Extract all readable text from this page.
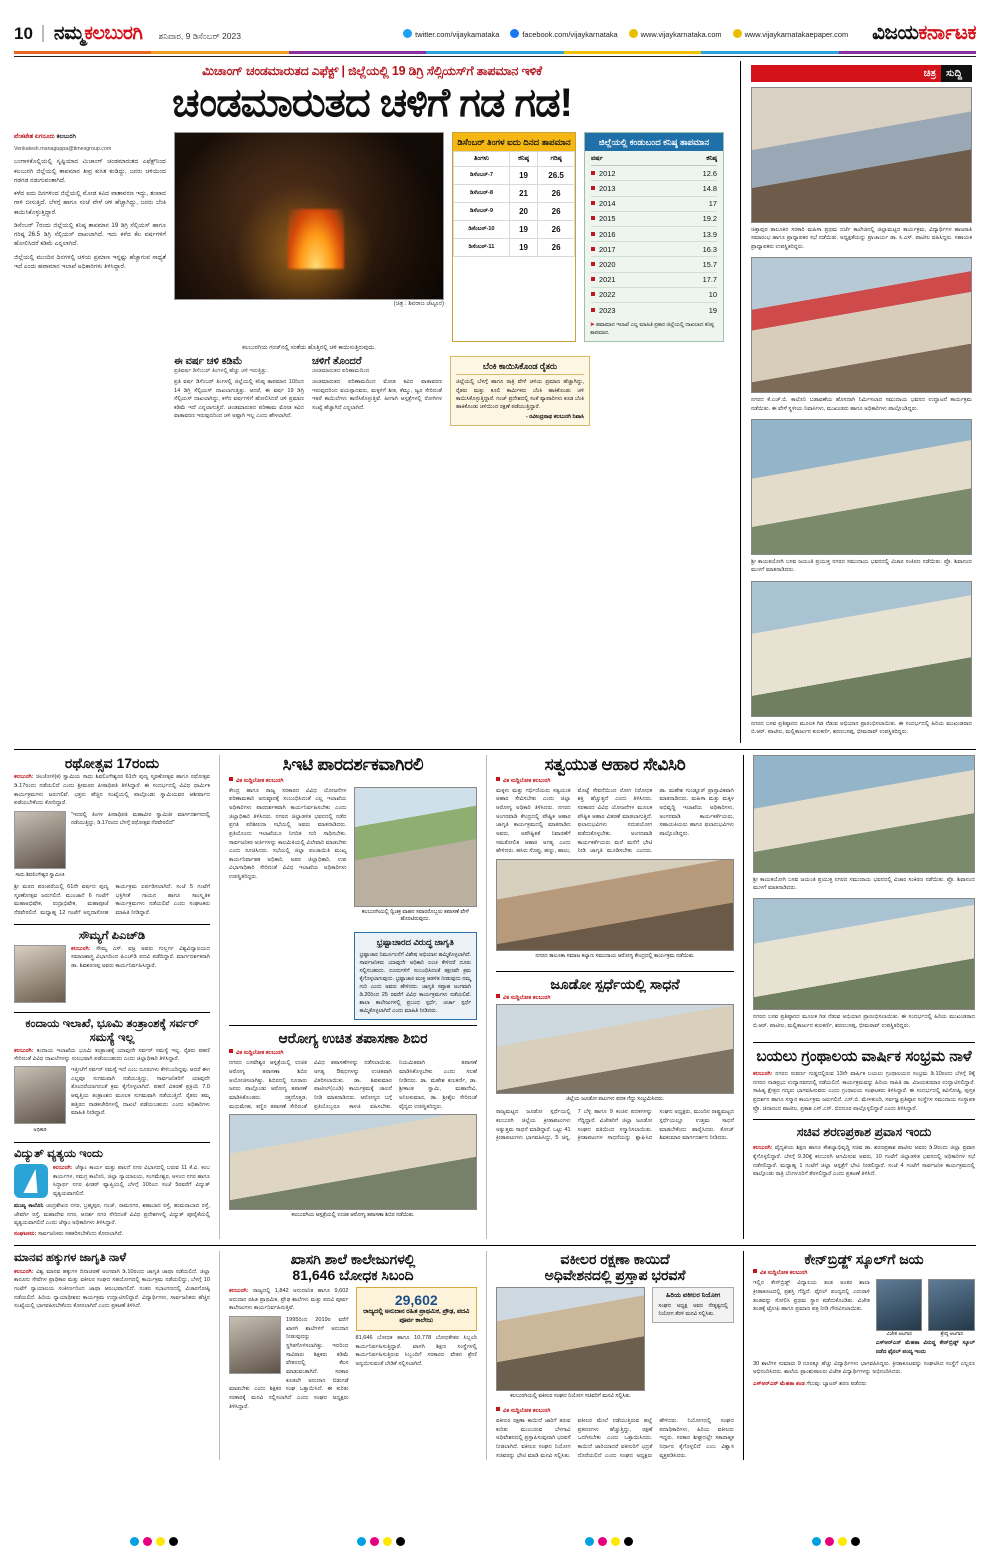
10	ನಮ್ಮಕಲಬುರಗಿ ಶನಿವಾರ, 9 ಡಿಸೆಂಬರ್ 2023	twitter.com/vijaykamataka	facebook.com/vijaykarnataka	www.vijaykarnataka.com	www.vijaykarnatakaepaper.com ವಿಜಯಕರ್ನಾಟಕ
ಮಿಚಾಂಗ್ ಚಂಡಮಾರುತದ ಎಫೆಕ್ಟ್ | ಜಿಲ್ಲೆಯಲ್ಲಿ 19 ಡಿಗ್ರಿ ಸೆಲ್ಸಿಯಸ್‌ಗೆ ತಾಪಮಾನ ಇಳಿಕೆ
ಚಂಡಮಾರುತದ ಚಳಿಗೆ ಗಡ ಗಡ!

ವೆಂಕಟೇಶ ಏಗನೂರು ಕಲಬುರಗಿ

Venkatesh.managuppa@timesgroup.com

ಬಂಗಾಳಕೊಲ್ಲಿಯಲ್ಲಿ ಸೃಷ್ಟಿಯಾದ ಮಿಚಾಂಗ್ ಚಂಡಮಾರುತದ ಎಫೆಕ್ಟ್‌ನಿಂದ ಕಲಬುರಗಿ ಜಿಲ್ಲೆಯಲ್ಲಿ ತಾಪಮಾನ ತೀವ್ರ ಕುಸಿತ ಕಂಡಿದ್ದು, ಜನರು ಚಳಿಯಿಂದ ಗಡಗಡ ನಡುಗುವಂತಾಗಿದೆ.

ಕಳೆದ ಐದು ದಿನಗಳಿಂದ ಜಿಲ್ಲೆಯಲ್ಲಿ ಮೋಡ ಕವಿದ ವಾತಾವರಣ ಇದ್ದು, ತಂಪಾದ ಗಾಳಿ ಬೀಸುತ್ತಿದೆ. ಬೆಳಗ್ಗೆ ಹಾಗೂ ಸಂಜೆ ವೇಳೆ ಚಳಿ ಹೆಚ್ಚಾಗಿದ್ದು, ಜನರು ಬೆಂಕಿ ಕಾಯಿಸಿಕೊಳ್ಳುತ್ತಿದ್ದಾರೆ.

ಡಿಸೆಂಬರ್ 7ರಂದು ಜಿಲ್ಲೆಯಲ್ಲಿ ಕನಿಷ್ಠ ತಾಪಮಾನ 19 ಡಿಗ್ರಿ ಸೆಲ್ಸಿಯಸ್ ಹಾಗೂ ಗರಿಷ್ಠ 26.5 ಡಿಗ್ರಿ ಸೆಲ್ಸಿಯಸ್ ದಾಖಲಾಗಿದೆ. ಇದು ಕಳೆದ ಕೆಲ ವರ್ಷಗಳಿಗೆ ಹೋಲಿಸಿದರೆ ಕಡಿಮೆ ಎನ್ನಲಾಗಿದೆ.

ಜಿಲ್ಲೆಯಲ್ಲಿ ಮುಂದಿನ ದಿನಗಳಲ್ಲಿ ಚಳಿಯ ಪ್ರಮಾಣ ಇನ್ನಷ್ಟು ಹೆಚ್ಚಾಗುವ ಸಾಧ್ಯತೆ ಇದೆ ಎಂದು ಹವಾಮಾನ ಇಲಾಖೆ ಅಧಿಕಾರಿಗಳು ತಿಳಿಸಿದ್ದಾರೆ.

(ಚಿತ್ರ : ಶಿವರಾಜ ಜೆಟ್ಟೂರ)
ಡಿಸೆಂಬರ್ ತಿಂಗಳ ಐದು ದಿನದ ತಾಪಮಾನ
ತಿಂಗಳು	ಕನಿಷ್ಠ	ಗರಿಷ್ಠ
ಡಿಸೆಂಬರ್-7	19	26.5
ಡಿಸೆಂಬರ್-8	21	26
ಡಿಸೆಂಬರ್-9	20	26
ಡಿಸೆಂಬರ್-10	19	26
ಡಿಸೆಂಬರ್-11	19	26
ಜಿಲ್ಲೆಯಲ್ಲಿ ಕಂಡುಬಂದ ಕನಿಷ್ಠ ತಾಪಮಾನ
ವರ್ಷ	ಕನಿಷ್ಠ
2012	12.6
2013	14.8
2014	17
2015	19.2
2016	13.9
2017	16.3
2020	15.7
2021	17.7
2022	10
2023	19
➤ ಹವಾಮಾನ ಇಲಾಖೆ ಎಲ್ಲ ಮಾಹಿತಿ ಪ್ರಕಾರ ಜಿಲ್ಲೆಯಲ್ಲಿ ದಾಖಲಾದ ಕನಿಷ್ಠ ತಾಪಮಾನ.
ಕಲಬುರಗಿಯ ಗಂಜ್‌ನಲ್ಲಿ ಸಂತೆಯ ಹೊತ್ತಿನಲ್ಲಿ ಚಳಿ ಕಾಯಿಸುತ್ತಿರುವುದು.
ಈ ವರ್ಷ ಚಳಿ ಕಡಿಮೆ
ಪ್ರತಿವರ್ಷ ಡಿಸೆಂಬರ್ ತಿಂಗಳಲ್ಲಿ ಹೆಚ್ಚು ಚಳಿ ಇರುತ್ತಿತ್ತು.
ಪ್ರತಿ ವರ್ಷ ಡಿಸೆಂಬರ್ ತಿಂಗಳಲ್ಲಿ ಜಿಲ್ಲೆಯಲ್ಲಿ ಕನಿಷ್ಠ ತಾಪಮಾನ 10ರಿಂದ 14 ಡಿಗ್ರಿ ಸೆಲ್ಸಿಯಸ್ ದಾಖಲಾಗುತ್ತಿತ್ತು. ಆದರೆ, ಈ ವರ್ಷ 19 ಡಿಗ್ರಿ ಸೆಲ್ಸಿಯಸ್ ದಾಖಲಾಗಿದ್ದು, ಕಳೆದ ವರ್ಷಗಳಿಗೆ ಹೋಲಿಸಿದರೆ ಚಳಿ ಪ್ರಮಾಣ ಕಡಿಮೆ ಇದೆ ಎನ್ನಲಾಗುತ್ತಿದೆ. ಚಂಡಮಾರುತದ ಪರಿಣಾಮ ಮೋಡ ಕವಿದ ವಾತಾವರಣ ಇರುವುದರಿಂದ ಚಳಿ ಅಷ್ಟಾಗಿ ಇಲ್ಲ ಎಂದು ಹೇಳಲಾಗಿದೆ.
ಚಳಿಗೆ ತೊಂದರೆ
ಚಂಡಮಾರುತದ ಪರಿಣಾಮದಿಂದ
ಚಂಡಮಾರುತದ ಪರಿಣಾಮದಿಂದ ಮೋಡ ಕವಿದ ವಾತಾವರಣ ಇರುವುದರಿಂದ ವಯಸ್ಸಾದವರು, ಮಕ್ಕಳಿಗೆ ಶೀತ, ಕೆಮ್ಮು, ಜ್ವರ ಸೇರಿದಂತೆ ಇತರೆ ಕಾಯಿಲೆಗಳು ಕಾಣಿಸಿಕೊಳ್ಳುತ್ತಿವೆ. ಹೀಗಾಗಿ ಆಸ್ಪತ್ರೆಗಳಲ್ಲಿ ರೋಗಿಗಳ ಸಂಖ್ಯೆ ಹೆಚ್ಚಾಗಿದೆ ಎನ್ನಲಾಗಿದೆ.
ಬೆಂಕಿ ಕಾಯಿಸಿಕೊಂಡ ರೈತರು
ಜಿಲ್ಲೆಯಲ್ಲಿ ಬೆಳಗ್ಗೆ ಹಾಗೂ ರಾತ್ರಿ ವೇಳೆ ಚಳಿಯ ಪ್ರಮಾಣ ಹೆಚ್ಚಾಗಿದ್ದು, ರೈತರು ಮತ್ತು ಕೂಲಿ ಕಾರ್ಮಿಕರು ಬೆಂಕಿ ಹಾಕಿಕೊಂಡು ಚಳಿ ಕಾಯಿಸಿಕೊಳ್ಳುತ್ತಿದ್ದಾರೆ. ಗಂಜ್ ಪ್ರದೇಶದಲ್ಲಿ ಸಂತೆ ವ್ಯಾಪಾರಿಗಳು ಕೂಡ ಬೆಂಕಿ ಹಾಕಿಕೊಂಡು ಚಳಿಯಿಂದ ರಕ್ಷಣೆ ಪಡೆಯುತ್ತಿದ್ದಾರೆ.
- ರವೀಂದ್ರನಾಥ ಕಲಬುರಗಿ ನಿವಾಸಿ
ಚಿತ್ರ	ಸುದ್ದಿ
ಚಿತ್ತಾಪುರ ತಾಲೂಕಿನ ಸರಕಾರಿ ಮಹಿಳಾ ಪ್ರಥಮ ದರ್ಜೆ ಕಾಲೇಜಿನಲ್ಲಿ ಜಿಲ್ಲಾಮಟ್ಟದ ಕಾರ್ಯಕ್ರಮ, ವಿದ್ಯಾರ್ಥಿಗಳ ಹಾಜರಾತಿ ಸಮಾರಂಭ ಹಾಗೂ ಪ್ರಾಧ್ಯಾಪಕರ ಸಭೆ ನಡೆಯಿತು. ಅಧ್ಯಕ್ಷತೆಯನ್ನು ಪ್ರಾಚಾರ್ಯ ಡಾ. ಸಿ.ಎಸ್. ಪಾಟೀಲ ವಹಿಸಿದ್ದರು. ಸಹಾಯಕ ಪ್ರಾಧ್ಯಾಪಕರು ಉಪಸ್ಥಿತರಿದ್ದರು.
ನಗರದ ಕೆ.ಎಚ್.ಬಿ. ಕಾಲೊನಿ ಬಡಾವಣೆಯ ಹೊಸದಾಗಿ ನಿರ್ಮಿಸಲಾದ ಸಮುದಾಯ ಭವನದ ಉದ್ಘಾಟನೆ ಕಾರ್ಯಕ್ರಮ ನಡೆಯಿತು. ಈ ವೇಳೆ ಸ್ಥಳೀಯ ನಿವಾಸಿಗಳು, ಮುಖಂಡರು ಹಾಗೂ ಅಧಿಕಾರಿಗಳು ಪಾಲ್ಗೊಂಡಿದ್ದರು.
ಶ್ರೀ ಕಾಯಕಯೋಗಿ ಬಸವ ಜಯಂತಿ ಪ್ರಯುಕ್ತ ನಗರದ ಸಮುದಾಯ ಭವನದಲ್ಲಿ ವಿಚಾರ ಸಂಕಿರಣ ನಡೆಯಿತು. ಪ್ರೊ. ಶಿವಾನಂದ ಮುಳಗೆ ಮಾತನಾಡಿದರು.
ನಗರದ ಬಸವ ಪ್ರತಿಷ್ಠಾನದ ಮೂಲಕ ಗಿಡ ನೆಡುವ ಅಭಿಯಾನ ಪ್ರಾರಂಭಿಸಲಾಯಿತು. ಈ ಸಂದರ್ಭದಲ್ಲಿ ಹಿರಿಯ ಮುಖಂಡರಾದ ಬಿ.ಆರ್. ಪಾಟೀಲ, ಮಲ್ಲಿಕಾರ್ಜುನ ಕುಲಕರ್ಣಿ, ಶರಣಬಸಪ್ಪ, ಭೀಮರಾವ್ ಉಪಸ್ಥಿತರಿದ್ದರು.
ರಥೋತ್ಸವ 17ರಂದು
ಕಲಬುರಗಿ: ಚಿಂಚೋಳಿ(ಕ) ಸ್ವಾಮಿಯ ಸಾಧು ಶಿವಲಿಂಗೇಶ್ವರರ 61ನೇ ಪುಣ್ಯ ಸ್ಮರಣೋತ್ಸವ ಹಾಗೂ ರಥೋತ್ಸವ ಡಿ.17ರಂದು ನಡೆಯಲಿದೆ ಎಂದು ಶ್ರೀಮಠದ ಪೀಠಾಧಿಪತಿ ತಿಳಿಸಿದ್ದಾರೆ. ಈ ಸಂದರ್ಭದಲ್ಲಿ ವಿವಿಧ ಧಾರ್ಮಿಕ ಕಾರ್ಯಕ್ರಮಗಳು ಜರುಗಲಿವೆ. ಭಕ್ತರು ಹೆಚ್ಚಿನ ಸಂಖ್ಯೆಯಲ್ಲಿ ಪಾಲ್ಗೊಂಡು ಸ್ವಾಮಿಯವರ ಆಶೀರ್ವಾದ ಪಡೆಯಬೇಕೆಂದು ಕೋರಿದ್ದಾರೆ.
"ಇದರಲ್ಲಿ ತಿಂಗಳ ಪೀಠಾಧಿಪತಿ ಮಹಾವೀರ ಸ್ವಾಮಿಜೀ ಮಾರ್ಗದರ್ಶನದಲ್ಲಿ ನಡೆಯುತ್ತಿದ್ದು, ಡಿ.17ರಂದು ಬೆಳಗ್ಗೆ ರಥೋತ್ಸವ ನೆರವೇರಲಿದೆ"
ಸಾಧು ಶಿವಲಿಂಗೇಶ್ವರ ಸ್ವಾಮೀಜಿ
ಶ್ರೀ ಮಠದ ಪರಂಪರೆಯಲ್ಲಿ 61ನೇ ವರ್ಷದ ಪುಣ್ಯ ಸ್ಮರಣೋತ್ಸವ ಜರುಗಲಿದೆ. ಮುಂಜಾನೆ 6 ಗಂಟೆಗೆ ಮಹಾಅಭಿಷೇಕ, ರುದ್ರಾಭಿಷೇಕ, ಮಹಾಪೂಜೆ ನೆರವೇರಲಿದೆ. ಮಧ್ಯಾಹ್ನ 12 ಗಂಟೆಗೆ ಅನ್ನದಾಸೋಹ ಕಾರ್ಯಕ್ರಮ ಏರ್ಪಡಿಸಲಾಗಿದೆ. ಸಂಜೆ 5 ಗಂಟೆಗೆ ಭಕ್ತಿಗೀತೆ ಗಾಯನ ಹಾಗೂ ಸಾಂಸ್ಕೃತಿಕ ಕಾರ್ಯಕ್ರಮಗಳು ನಡೆಯಲಿವೆ ಎಂದು ಸಂಘಟಕರು ಮಾಹಿತಿ ನೀಡಿದ್ದಾರೆ.
ಸೌಮ್ಯಗೆ ಪಿಎಚ್‌ಡಿ
ಕಲಬುರಗಿ: ಸೌಮ್ಯ ಎಸ್. ವಜ್ರ ಅವರು ಗುಲ್ಬರ್ಗ ವಿಶ್ವವಿದ್ಯಾಲಯದ ಸಮಾಜಶಾಸ್ತ್ರ ವಿಭಾಗದಿಂದ ಪಿಎಚ್‌ಡಿ ಪದವಿ ಪಡೆದಿದ್ದಾರೆ. ಮಾರ್ಗದರ್ಶಕರಾಗಿ ಡಾ. ಶಿವಶರಣಪ್ಪ ಅವರು ಕಾರ್ಯನಿರ್ವಹಿಸಿದ್ದಾರೆ.
ಕಂದಾಯ ಇಲಾಖೆ, ಭೂಮಿ ತಂತ್ರಾಂಶಕ್ಕೆ ಸರ್ವರ್ ಸಮಸ್ಯೆ ಇಲ್ಲ
ಕಲಬುರಗಿ: ಕಂದಾಯ ಇಲಾಖೆಯ ಭೂಮಿ ತಂತ್ರಾಂಶಕ್ಕೆ ಯಾವುದೇ ಸರ್ವರ್ ಸಮಸ್ಯೆ ಇಲ್ಲ. ರೈತರು ಪಹಣಿ ಸೇರಿದಂತೆ ವಿವಿಧ ದಾಖಲೆಗಳನ್ನು ಸುಲಭವಾಗಿ ಪಡೆಯಬಹುದು ಎಂದು ಜಿಲ್ಲಾಧಿಕಾರಿ ತಿಳಿಸಿದ್ದಾರೆ.
ಅಧಿಕಾರಿ
ಇತ್ತೀಚೆಗೆ ಸರ್ವರ್ ಸಮಸ್ಯೆ ಇದೆ ಎಂಬ ದೂರುಗಳು ಕೇಳಿಬಂದಿದ್ದವು. ಆದರೆ ಈಗ ಎಲ್ಲವೂ ಸುಗಮವಾಗಿ ನಡೆಯುತ್ತಿದ್ದು, ಸಾರ್ವಜನಿಕರಿಗೆ ಯಾವುದೇ ತೊಂದರೆಯಾಗದಂತೆ ಕ್ರಮ ಕೈಗೊಳ್ಳಲಾಗಿದೆ. ಪಹಣಿ ವಿತರಣೆ ಪ್ರಕ್ರಿಯೆ 7.0 ಆವೃತ್ತಿಯ ತಂತ್ರಾಂಶದ ಮೂಲಕ ಸುಗಮವಾಗಿ ನಡೆಯುತ್ತಿದೆ. ರೈತರು ತಮ್ಮ ಹತ್ತಿರದ ನಾಡಕಚೇರಿಗಳಲ್ಲಿ ದಾಖಲೆ ಪಡೆಯಬಹುದು ಎಂದು ಅಧಿಕಾರಿಗಳು ಮಾಹಿತಿ ನೀಡಿದ್ದಾರೆ.
ವಿದ್ಯುತ್ ವ್ಯತ್ಯಯ ಇಂದು
ಕಲಬುರಗಿ: ಜೆಸ್ಕಾಂ ಕಾರ್ಯ ಮತ್ತು ಪಾಲನೆ ನಗರ ವಿಭಾಗದಲ್ಲಿ ಬರುವ 11 ಕೆ.ವಿ. ಕಂಬ ಕಾರ್ಯಗಳ, ಸಮಗ್ರ ಕಾಲೊನಿ, ಜಿಲ್ಲಾ ನ್ಯಾಯಾಲಯ, ಸಂಗಮೇಶ್ವರ, ಆಳಂದ ನಗರ ಹಾಗೂ ಸಿದ್ಧಾರ್ಥ ನಗರ ಫೀಡರ್ ವ್ಯಾಪ್ತಿಯಲ್ಲಿ ಬೆಳಗ್ಗೆ 10ರಿಂದ ಸಂಜೆ 5ರವರೆಗೆ ವಿದ್ಯುತ್ ವ್ಯತ್ಯಯವಾಗಲಿದೆ.
ಮುಖ್ಯ ಕಾಲೊನಿ ಚಂದ್ರಶೇಖರ ನಗರ, ಬ್ರಹ್ಮಪುರ, ಗಂಜ್, ರಾಮನಗರ, ಶಹಾಬಾದ ರಸ್ತೆ, ಹುಮನಾಬಾದ ರಸ್ತೆ, ಜೇವರ್ಗಿ ರಸ್ತೆ, ಮಹಾದೇವ ನಗರ, ಆದರ್ಶ ನಗರ ಸೇರಿದಂತೆ ವಿವಿಧ ಪ್ರದೇಶಗಳಲ್ಲಿ ವಿದ್ಯುತ್ ಪೂರೈಕೆಯಲ್ಲಿ ವ್ಯತ್ಯಯವಾಗಲಿದೆ ಎಂದು ಜೆಸ್ಕಾಂ ಅಧಿಕಾರಿಗಳು ತಿಳಿಸಿದ್ದಾರೆ.
ಸಂಘಟಕರು: ಸಾರ್ವಜನಿಕರು ಸಹಕರಿಸಬೇಕೆಂದು ಕೋರಲಾಗಿದೆ.
ಸಿಇಟಿ ಪಾರದರ್ಶಕವಾಗಿರಲಿ
ವಿಕ ಸುದ್ದಿಲೋಕ ಕಲಬುರಗಿ
ಕೇಂದ್ರ ಹಾಗೂ ರಾಜ್ಯ ಸರಕಾರದ ವಿವಿಧ ಯೋಜನೆಗಳ ಪರಿಣಾಮಕಾರಿ ಅನುಷ್ಠಾನಕ್ಕೆ ಸಂಬಂಧಿಸಿದಂತೆ ಎಲ್ಲ ಇಲಾಖೆಯ ಅಧಿಕಾರಿಗಳು ಪಾರದರ್ಶಕವಾಗಿ ಕಾರ್ಯನಿರ್ವಹಿಸಬೇಕು ಎಂದು ಜಿಲ್ಲಾಧಿಕಾರಿ ತಿಳಿಸಿದರು. ನಗರದ ಜಿಲ್ಲಾಡಳಿತ ಭವನದಲ್ಲಿ ನಡೆದ ಪ್ರಗತಿ ಪರಿಶೀಲನಾ ಸಭೆಯಲ್ಲಿ ಅವರು ಮಾತನಾಡಿದರು. ಪ್ರತಿಯೊಂದು ಇಲಾಖೆಯೂ ನಿಗದಿತ ಗುರಿ ಸಾಧಿಸಬೇಕು. ಸಾರ್ವಜನಿಕರ ಅರ್ಜಿಗಳನ್ನು ಕಾಲಮಿತಿಯಲ್ಲಿ ವಿಲೇವಾರಿ ಮಾಡಬೇಕು ಎಂದು ಸೂಚಿಸಿದರು. ಸಭೆಯಲ್ಲಿ ಜಿಲ್ಲಾ ಪಂಚಾಯಿತಿ ಮುಖ್ಯ ಕಾರ್ಯನಿರ್ವಾಹಕ ಅಧಿಕಾರಿ, ಅಪರ ಜಿಲ್ಲಾಧಿಕಾರಿ, ಉಪ ವಿಭಾಗಾಧಿಕಾರಿ ಸೇರಿದಂತೆ ವಿವಿಧ ಇಲಾಖೆಯ ಅಧಿಕಾರಿಗಳು ಉಪಸ್ಥಿತರಿದ್ದರು.
ಕಲಬುರಗಿಯಲ್ಲಿ ದ್ವಿಚಕ್ರ ವಾಹನ ಸವಾರರೊಬ್ಬರು ತಪಾಸಣೆ ವೇಳೆ ಹೊರಟಿರುವುದು.
ಭ್ರಷ್ಟಾಚಾರದ ವಿರುದ್ಧ ಜಾಗೃತಿ
ಭ್ರಷ್ಟಾಚಾರ ನಿರ್ಮೂಲನೆಗೆ ವಿಶೇಷ ಅಭಿಯಾನ ಹಮ್ಮಿಕೊಳ್ಳಲಾಗಿದೆ. ಸಾರ್ವಜನಿಕರು ಯಾವುದೇ ಅಧಿಕಾರಿ ಲಂಚ ಕೇಳಿದರೆ ದೂರು ಸಲ್ಲಿಸಬಹುದು. ದೂರುಗಳಿಗೆ ಸಂಬಂಧಿಸಿದಂತೆ ತಕ್ಷಣವೇ ಕ್ರಮ ಕೈಗೊಳ್ಳಲಾಗುವುದು. ಭ್ರಷ್ಟಾಚಾರ ಮುಕ್ತ ಆಡಳಿತ ನೀಡುವುದು ನಮ್ಮ ಗುರಿ ಎಂದು ಅವರು ಹೇಳಿದರು. ಜಾಗೃತಿ ಸಪ್ತಾಹ ಅಂಗವಾಗಿ ಡಿ.20ರಿಂದ 25 ರವರೆಗೆ ವಿವಿಧ ಕಾರ್ಯಕ್ರಮಗಳು ನಡೆಯಲಿವೆ. ಶಾಲಾ ಕಾಲೇಜುಗಳಲ್ಲಿ ಪ್ರಬಂಧ ಸ್ಪರ್ಧೆ, ಚರ್ಚಾ ಸ್ಪರ್ಧೆ ಹಮ್ಮಿಕೊಳ್ಳಲಾಗಿದೆ ಎಂದು ಮಾಹಿತಿ ನೀಡಿದರು.
ಆರೋಗ್ಯ ಉಚಿತ ತಪಾಸಣಾ ಶಿಬಿರ
ವಿಕ ಸುದ್ದಿಲೋಕ ಕಲಬುರಗಿ
ನಗರದ ಬಸವೇಶ್ವರ ಆಸ್ಪತ್ರೆಯಲ್ಲಿ ಉಚಿತ ಆರೋಗ್ಯ ತಪಾಸಣಾ ಶಿಬಿರ ಆಯೋಜಿಸಲಾಗಿತ್ತು. ಶಿಬಿರದಲ್ಲಿ ನೂರಾರು ಜನರು ಪಾಲ್ಗೊಂಡು ಆರೋಗ್ಯ ತಪಾಸಣೆ ಮಾಡಿಸಿಕೊಂಡರು. ರಕ್ತದೊತ್ತಡ, ಮಧುಮೇಹ, ಕಣ್ಣಿನ ತಪಾಸಣೆ ಸೇರಿದಂತೆ ವಿವಿಧ ತಪಾಸಣೆಗಳನ್ನು ನಡೆಸಲಾಯಿತು. ಅಗತ್ಯ ಔಷಧಗಳನ್ನು ಉಚಿತವಾಗಿ ವಿತರಿಸಲಾಯಿತು. ಡಾ. ಶಿವಕುಮಾರ ಪಾಟೀಲ್(ಎಂಡಿ) ಕಾರ್ಯಕ್ರಮಕ್ಕೆ ಚಾಲನೆ ನೀಡಿ ಮಾತನಾಡಿದರು. ಆರೋಗ್ಯದ ಬಗ್ಗೆ ಪ್ರತಿಯೊಬ್ಬರೂ ಕಾಳಜಿ ವಹಿಸಬೇಕು. ನಿಯಮಿತವಾಗಿ ತಪಾಸಣೆ ಮಾಡಿಸಿಕೊಳ್ಳಬೇಕು ಎಂದು ಸಲಹೆ ನೀಡಿದರು. ಡಾ. ಮಹೇಶ ಕುಲಕರ್ಣಿ, ಡಾ. ಶ್ರೀಕಾಂತ ಸ್ವಾಮಿ, ಮಹಾದೇವಿ, ಅನಿಲಕುಮಾರ, ಡಾ. ಶ್ರೀಶೈಲ ಸೇರಿದಂತೆ ವೈದ್ಯರು ಉಪಸ್ಥಿತರಿದ್ದರು.
ಕಲಬುರಗಿಯ ಆಸ್ಪತ್ರೆಯಲ್ಲಿ ಉಚಿತ ಆರೋಗ್ಯ ತಪಾಸಣಾ ಶಿಬಿರ ನಡೆಯಿತು.
ಸತ್ವಯುತ ಆಹಾರ ಸೇವಿಸಿರಿ
ವಿಕ ಸುದ್ದಿಲೋಕ ಕಲಬುರಗಿ
ಮಕ್ಕಳು ಮತ್ತು ಗರ್ಭಿಣಿಯರು ಸತ್ವಯುತ ಆಹಾರ ಸೇವಿಸಬೇಕು ಎಂದು ಜಿಲ್ಲಾ ಆರೋಗ್ಯ ಅಧಿಕಾರಿ ತಿಳಿಸಿದರು. ನಗರದ ಅಂಗನವಾಡಿ ಕೇಂದ್ರದಲ್ಲಿ ಪೌಷ್ಟಿಕ ಆಹಾರ ಜಾಗೃತಿ ಕಾರ್ಯಕ್ರಮದಲ್ಲಿ ಮಾತನಾಡಿದ ಅವರು, ಅಪೌಷ್ಟಿಕತೆ ನಿವಾರಣೆಗೆ ಸಮತೋಲಿತ ಆಹಾರ ಅಗತ್ಯ ಎಂದು ಹೇಳಿದರು. ಹಸಿರು ಸೊಪ್ಪು, ಹಣ್ಣು, ಹಾಲು, ಮೊಟ್ಟೆ ಸೇವನೆಯಿಂದ ರೋಗ ನಿರೋಧಕ ಶಕ್ತಿ ಹೆಚ್ಚುತ್ತದೆ ಎಂದು ತಿಳಿಸಿದರು. ಸರಕಾರದ ವಿವಿಧ ಯೋಜನೆಗಳ ಮೂಲಕ ಪೌಷ್ಟಿಕ ಆಹಾರ ವಿತರಣೆ ಮಾಡಲಾಗುತ್ತಿದೆ. ಫಲಾನುಭವಿಗಳು ಸದುಪಯೋಗ ಪಡೆದುಕೊಳ್ಳಬೇಕು. ಅಂಗನವಾಡಿ ಕಾರ್ಯಕರ್ತೆಯರು ಮನೆ ಮನೆಗೆ ಭೇಟಿ ನೀಡಿ ಜಾಗೃತಿ ಮೂಡಿಸಬೇಕು ಎಂದರು. ಡಾ. ಮಹೇಶ ಗುಂಡ್ಲೂರ್ ಪ್ರಾಸ್ತಾವಿಕವಾಗಿ ಮಾತನಾಡಿದರು. ಮಹಿಳಾ ಮತ್ತು ಮಕ್ಕಳ ಅಭಿವೃದ್ಧಿ ಇಲಾಖೆಯ ಅಧಿಕಾರಿಗಳು, ಅಂಗನವಾಡಿ ಕಾರ್ಯಕರ್ತೆಯರು, ಸಹಾಯಕಿಯರು ಹಾಗೂ ಫಲಾನುಭವಿಗಳು ಪಾಲ್ಗೊಂಡಿದ್ದರು.
ನಗರದ ತಾಲೂಕಾ ಸಮಾಜ ಕಲ್ಯಾಣ ಸಮುದಾಯ ಆರೋಗ್ಯ ಕೇಂದ್ರದಲ್ಲಿ ಕಾರ್ಯಕ್ರಮ ನಡೆಯಿತು.
ಜೂಡೋ ಸ್ಪರ್ಧೆಯಲ್ಲಿ ಸಾಧನೆ
ವಿಕ ಸುದ್ದಿಲೋಕ ಕಲಬುರಗಿ
ಜಿಲ್ಲೆಯ ಜೂಡೋ ಪಟುಗಳು ಪದಕ ಗೆದ್ದು ಸಂಭ್ರಮಿಸಿದರು.
ರಾಜ್ಯಮಟ್ಟದ ಜೂಡೋ ಸ್ಪರ್ಧೆಯಲ್ಲಿ ಕಲಬುರಗಿ ಜಿಲ್ಲೆಯ ಕ್ರೀಡಾಪಟುಗಳು ಅತ್ಯುತ್ತಮ ಸಾಧನೆ ಮಾಡಿದ್ದಾರೆ. ಒಟ್ಟು 41 ಕ್ರೀಡಾಪಟುಗಳು ಭಾಗವಹಿಸಿದ್ದು, 5 ಚಿನ್ನ, 7 ಬೆಳ್ಳಿ ಹಾಗೂ 9 ಕಂಚಿನ ಪದಕಗಳನ್ನು ಗೆದ್ದಿದ್ದಾರೆ. ವಿಜೇತರಿಗೆ ಜಿಲ್ಲಾ ಜೂಡೋ ಸಂಘದ ವತಿಯಿಂದ ಸನ್ಮಾನಿಸಲಾಯಿತು. ಕ್ರೀಡಾಪಟುಗಳ ಸಾಧನೆಯನ್ನು ಶ್ಲಾಘಿಸಿದ ಸಂಘದ ಅಧ್ಯಕ್ಷರು, ಮುಂದಿನ ರಾಷ್ಟ್ರಮಟ್ಟದ ಸ್ಪರ್ಧೆಯಲ್ಲೂ ಉತ್ತಮ ಸಾಧನೆ ಮಾಡಬೇಕೆಂದು ಹಾರೈಸಿದರು. ಕೋಚ್ ಶಿವಕುಮಾರ ಮಾರ್ಗದರ್ಶನ ನೀಡಿದರು.
ಶ್ರೀ ಕಾಯಕಯೋಗಿ ಬಸವ ಜಯಂತಿ ಪ್ರಯುಕ್ತ ನಗರದ ಸಮುದಾಯ ಭವನದಲ್ಲಿ ವಿಚಾರ ಸಂಕಿರಣ ನಡೆಯಿತು. ಪ್ರೊ. ಶಿವಾನಂದ ಮುಳಗೆ ಮಾತನಾಡಿದರು.
ನಗರದ ಬಸವ ಪ್ರತಿಷ್ಠಾನದ ಮೂಲಕ ಗಿಡ ನೆಡುವ ಅಭಿಯಾನ ಪ್ರಾರಂಭಿಸಲಾಯಿತು. ಈ ಸಂದರ್ಭದಲ್ಲಿ ಹಿರಿಯ ಮುಖಂಡರಾದ ಬಿ.ಆರ್. ಪಾಟೀಲ, ಮಲ್ಲಿಕಾರ್ಜುನ ಕುಲಕರ್ಣಿ, ಶರಣಬಸಪ್ಪ, ಭೀಮರಾವ್ ಉಪಸ್ಥಿತರಿದ್ದರು.
ಬಯಲು ಗ್ರಂಥಾಲಯ ವಾರ್ಷಿಕ ಸಂಭ್ರಮ ನಾಳೆ
ಕಲಬುರಗಿ: ನಗರದ ಸುಪರ್ಣ ಗುಡ್ಡದಲ್ಲಿರುವ 13ನೇ ವಾರ್ಷಿಕ ಬಯಲು ಗ್ರಂಥಾಲಯದ ಸಂಭ್ರಮ ಡಿ.10ರಂದು ಬೆಳಗ್ಗೆ 9ಕ್ಕೆ ನಗರದ ನಾಡಪ್ರಭು ಉದ್ಯಾನವನದಲ್ಲಿ ನಡೆಯಲಿದೆ. ಕಾರ್ಯಕ್ರಮವನ್ನು ಹಿರಿಯ ಸಾಹಿತಿ ಡಾ. ವಿಜಯಕುಮಾರ ಉದ್ಘಾಟಿಸಲಿದ್ದಾರೆ. ಸಾಹಿತ್ಯ ಕ್ಷೇತ್ರದ ಗಣ್ಯರು ಭಾಗವಹಿಸುವರು ಎಂದು ಗ್ರಂಥಾಲಯ ಸಂಘಟಕರು ತಿಳಿಸಿದ್ದಾರೆ. ಈ ಸಂದರ್ಭದಲ್ಲಿ ಕವಿಗೋಷ್ಠಿ, ಪುಸ್ತಕ ಪ್ರದರ್ಶನ ಹಾಗೂ ಸನ್ಮಾನ ಕಾರ್ಯಕ್ರಮ ಜರುಗಲಿದೆ. ಎಸ್.ಬಿ. ಮೇಳಕುಂದಿ, ಸರ್ವಜ್ಞ ಪ್ರತಿಷ್ಠಾನ ಸಂಸ್ಥೆಗಳ ಸಮುದಾಯ ಸಂಸ್ಥಾಪಕ ಪ್ರೊ. ಚಿದಾನಂದ ಪಾಟೀಲ, ಪ್ರಕಾಶ ಎಸ್.ಎಸ್. ಬಿದನೂರ ಪಾಲ್ಗೊಳ್ಳಲಿದ್ದಾರೆ ಎಂದು ತಿಳಿಸಿದ್ದಾರೆ.
ಸಚಿವ ಶರಣಪ್ರಕಾಶ ಪ್ರವಾಸ ಇಂದು
ಕಲಬುರಗಿ: ವೈದ್ಯಕೀಯ ಶಿಕ್ಷಣ ಹಾಗೂ ಕೌಶಲ್ಯಾಭಿವೃದ್ಧಿ ಸಚಿವ ಡಾ. ಶರಣಪ್ರಕಾಶ ಪಾಟೀಲ ಅವರು ಡಿ.9ರಂದು ಜಿಲ್ಲಾ ಪ್ರವಾಸ ಕೈಗೊಳ್ಳಲಿದ್ದಾರೆ. ಬೆಳಗ್ಗೆ 9.30ಕ್ಕೆ ಕಲಬುರಗಿ ಆಗಮಿಸುವ ಅವರು, 10 ಗಂಟೆಗೆ ಜಿಲ್ಲಾಡಳಿತ ಭವನದಲ್ಲಿ ಅಧಿಕಾರಿಗಳ ಸಭೆ ನಡೆಸಲಿದ್ದಾರೆ. ಮಧ್ಯಾಹ್ನ 1 ಗಂಟೆಗೆ ಜಿಲ್ಲಾ ಆಸ್ಪತ್ರೆಗೆ ಭೇಟಿ ನೀಡಲಿದ್ದಾರೆ. ಸಂಜೆ 4 ಗಂಟೆಗೆ ಸಾರ್ವಜನಿಕ ಕಾರ್ಯಕ್ರಮದಲ್ಲಿ ಪಾಲ್ಗೊಂಡು ರಾತ್ರಿ ಬೆಂಗಳೂರಿಗೆ ತೆರಳಲಿದ್ದಾರೆ ಎಂದು ಪ್ರಕಟಣೆ ತಿಳಿಸಿದೆ.
ಮಾನವ ಹಕ್ಕುಗಳ ಜಾಗೃತಿ ನಾಳೆ
ಕಲಬುರಗಿ: ವಿಶ್ವ ಮಾನವ ಹಕ್ಕುಗಳ ದಿನಾಚರಣೆ ಅಂಗವಾಗಿ ಡಿ.10ರಂದು ಜಾಗೃತಿ ಜಾಥಾ ನಡೆಯಲಿದೆ. ಜಿಲ್ಲಾ ಕಾನೂನು ಸೇವೆಗಳ ಪ್ರಾಧಿಕಾರ ಮತ್ತು ವಕೀಲರ ಸಂಘದ ಸಹಯೋಗದಲ್ಲಿ ಕಾರ್ಯಕ್ರಮ ನಡೆಯಲಿದ್ದು, ಬೆಳಗ್ಗೆ 10 ಗಂಟೆಗೆ ನ್ಯಾಯಾಲಯ ಸಂಕೀರ್ಣದಿಂದ ಜಾಥಾ ಆರಂಭವಾಗಲಿದೆ. ನಂತರ ಸಭಾಂಗಣದಲ್ಲಿ ವಿಚಾರಗೋಷ್ಠಿ ನಡೆಯಲಿದೆ. ಹಿರಿಯ ನ್ಯಾಯಾಧೀಶರು ಕಾರ್ಯಕ್ರಮ ಉದ್ಘಾಟಿಸಲಿದ್ದಾರೆ. ವಿದ್ಯಾರ್ಥಿಗಳು, ಸಾರ್ವಜನಿಕರು ಹೆಚ್ಚಿನ ಸಂಖ್ಯೆಯಲ್ಲಿ ಭಾಗವಹಿಸಬೇಕೆಂದು ಕೋರಲಾಗಿದೆ ಎಂದು ಪ್ರಕಟಣೆ ತಿಳಿಸಿದೆ.
ಖಾಸಗಿ ಶಾಲೆ ಕಾಲೇಜುಗಳಲ್ಲಿ
81,646 ಬೋಧಕ ಸಿಬಂದಿ
ಕಲಬುರಗಿ: ರಾಜ್ಯದಲ್ಲಿ 1,842 ಅನುದಾನಿತ ಹಾಗೂ 9,602 ಅನುದಾನ ರಹಿತ ಪ್ರಾಥಮಿಕ, ಪ್ರೌಢ ಶಾಲೆಗಳು ಮತ್ತು ಪದವಿ ಪೂರ್ವ ಕಾಲೇಜುಗಳು ಕಾರ್ಯನಿರ್ವಹಿಸುತ್ತಿವೆ.
1995ರಿಂದ 2019ರ ವರೆಗೆ ಖಾಸಗಿ ಶಾಲೆಗಳಿಗೆ ಅನುದಾನ ನೀಡುವುದನ್ನು ಸ್ಥಗಿತಗೊಳಿಸಲಾಗಿತ್ತು. ಇದರಿಂದ ಸಾವಿರಾರು ಶಿಕ್ಷಕರು ಕಡಿಮೆ ವೇತನದಲ್ಲಿ ಕೆಲಸ ಮಾಡುವಂತಾಗಿದೆ. ಸರಕಾರ ಕೂಡಲೇ ಅನುದಾನ ಬಿಡುಗಡೆ ಮಾಡಬೇಕು ಎಂದು ಶಿಕ್ಷಕರ ಸಂಘ ಒತ್ತಾಯಿಸಿದೆ. ಈ ಕುರಿತು ಸರಕಾರಕ್ಕೆ ಮನವಿ ಸಲ್ಲಿಸಲಾಗಿದೆ ಎಂದು ಸಂಘದ ಅಧ್ಯಕ್ಷರು ತಿಳಿಸಿದ್ದಾರೆ.
29,602
ರಾಜ್ಯದಲ್ಲಿ ಅನುದಾನ ರಹಿತ ಪ್ರಾಥಮಿಕ, ಪ್ರೌಢ, ಪದವಿ ಪೂರ್ವ ಕಾಲೇಜು
81,646 ಬೋಧಕ ಹಾಗೂ 10,778 ಬೋಧಕೇತರ ಸಿಬ್ಬಂದಿ ಕಾರ್ಯನಿರ್ವಹಿಸುತ್ತಿದ್ದಾರೆ. ಖಾಸಗಿ ಶಿಕ್ಷಣ ಸಂಸ್ಥೆಗಳಲ್ಲಿ ಕಾರ್ಯನಿರ್ವಹಿಸುತ್ತಿರುವ ಸಿಬ್ಬಂದಿಗೆ ಸರಕಾರದ ವೇತನ ಶ್ರೇಣಿ ಅನ್ವಯಿಸುವಂತೆ ಬೇಡಿಕೆ ಸಲ್ಲಿಸಲಾಗಿದೆ.
ವಕೀಲರ ರಕ್ಷಣಾ ಕಾಯಿದೆ
ಅಧಿವೇಶನದಲ್ಲಿ ಪ್ರಸ್ತಾಪ ಭರವಸೆ
ಕಲಬುರಗಿಯಲ್ಲಿ ವಕೀಲರ ಸಂಘದ ನಿಯೋಗ ಸಚಿವರಿಗೆ ಮನವಿ ಸಲ್ಲಿಸಿತು.
ಹಿರಿಯ ವಕೀಲರ ನಿಯೋಗ
ಸಂಘದ ಅಧ್ಯಕ್ಷ ಅವರ ನೇತೃತ್ವದಲ್ಲಿ ನಿಯೋಗ ತೆರಳಿ ಮನವಿ ಸಲ್ಲಿಸಿತು.
ವಿಕ ಸುದ್ದಿಲೋಕ ಕಲಬುರಗಿ
ವಕೀಲರ ರಕ್ಷಣಾ ಕಾಯಿದೆ ಜಾರಿಗೆ ತರುವ ಕುರಿತು ಮುಂಬರುವ ಬೆಳಗಾವಿ ಅಧಿವೇಶನದಲ್ಲಿ ಪ್ರಸ್ತಾಪಿಸುವುದಾಗಿ ಭರವಸೆ ನೀಡಲಾಗಿದೆ. ವಕೀಲರ ಸಂಘದ ನಿಯೋಗ ಸಚಿವರನ್ನು ಭೇಟಿ ಮಾಡಿ ಮನವಿ ಸಲ್ಲಿಸಿತು. ವಕೀಲರ ಮೇಲೆ ನಡೆಯುತ್ತಿರುವ ಹಲ್ಲೆ ಪ್ರಕರಣಗಳು ಹೆಚ್ಚುತ್ತಿದ್ದು, ರಕ್ಷಣೆ ಒದಗಿಸಬೇಕು ಎಂದು ಒತ್ತಾಯಿಸಿದರು. ಕಾಯಿದೆ ಜಾರಿಯಾದರೆ ವಕೀಲರಿಗೆ ಭದ್ರತೆ ದೊರೆಯಲಿದೆ ಎಂದು ಸಂಘದ ಅಧ್ಯಕ್ಷರು ಹೇಳಿದರು. ನಿಯೋಗದಲ್ಲಿ ಸಂಘದ ಪದಾಧಿಕಾರಿಗಳು, ಹಿರಿಯ ವಕೀಲರು ಇದ್ದರು. ಸರಕಾರ ಶೀಘ್ರದಲ್ಲೇ ಸಕಾರಾತ್ಮಕ ನಿರ್ಧಾರ ಕೈಗೊಳ್ಳಲಿದೆ ಎಂಬ ವಿಶ್ವಾಸ ವ್ಯಕ್ತಪಡಿಸಿದರು.
ಕೇನ್‌ಬ್ರಿಡ್ಜ್ ಸ್ಕೂಲ್‌ಗೆ ಜಯ
ವಿಕ ಸುದ್ದಿಲೋಕ ಕಲಬುರಗಿ
ಇಲ್ಲಿನ ಕೇನ್‌ಬ್ರಿಡ್ಜ್ ವಿದ್ಯಾಲಯ ತಂಡ ಅಂತರ ಶಾಲಾ ಕ್ರೀಡಾಕೂಟದಲ್ಲಿ ಪ್ರಶಸ್ತಿ ಗೆದ್ದಿದೆ. ಫೈನಲ್ ಪಂದ್ಯದಲ್ಲಿ ಎದುರಾಳಿ ತಂಡವನ್ನು ಸೋಲಿಸಿ ಪ್ರಥಮ ಸ್ಥಾನ ಪಡೆದುಕೊಂಡಿತು. ವಿಜೇತ ತಂಡಕ್ಕೆ ಟ್ರೋಫಿ ಹಾಗೂ ಪ್ರಮಾಣ ಪತ್ರ ನೀಡಿ ಗೌರವಿಸಲಾಯಿತು.
ವಿಜೇತ ಆಟಗಾರ	ಶ್ರೇಷ್ಠ ಆಟಗಾರ
ಎಸ್‌ಆರ್‌ಎನ್ ಮೆಹತಾ ವಿರುದ್ಧ ಕೇನ್‌ಬ್ರಿಡ್ಜ್ ಸ್ಕೂಲ್ ನಡೆದ ಫೈನಲ್ ಪಂದ್ಯ ಇಂದು
30 ಶಾಲೆಗಳ ಸುಮಾರು 9 ನೂರಕ್ಕೂ ಹೆಚ್ಚು ವಿದ್ಯಾರ್ಥಿಗಳು ಭಾಗವಹಿಸಿದ್ದರು. ಕ್ರೀಡಾಕೂಟವನ್ನು ಸಂಘಟಿಸಿದ ಸಂಸ್ಥೆಗೆ ಎಲ್ಲರೂ ಅಭಿನಂದಿಸಿದರು. ಶಾಲೆಯ ಪ್ರಾಂಶುಪಾಲರು ವಿಜೇತ ವಿದ್ಯಾರ್ಥಿಗಳನ್ನು ಅಭಿನಂದಿಸಿದರು.
ಎಸ್‌ಆರ್‌ಎನ್ ಮೆಹತಾ ತಂಡ ಗೆಲುವು: ಬ್ಯಾಟರ್ ಶರಣ ಪಡೆದರು
